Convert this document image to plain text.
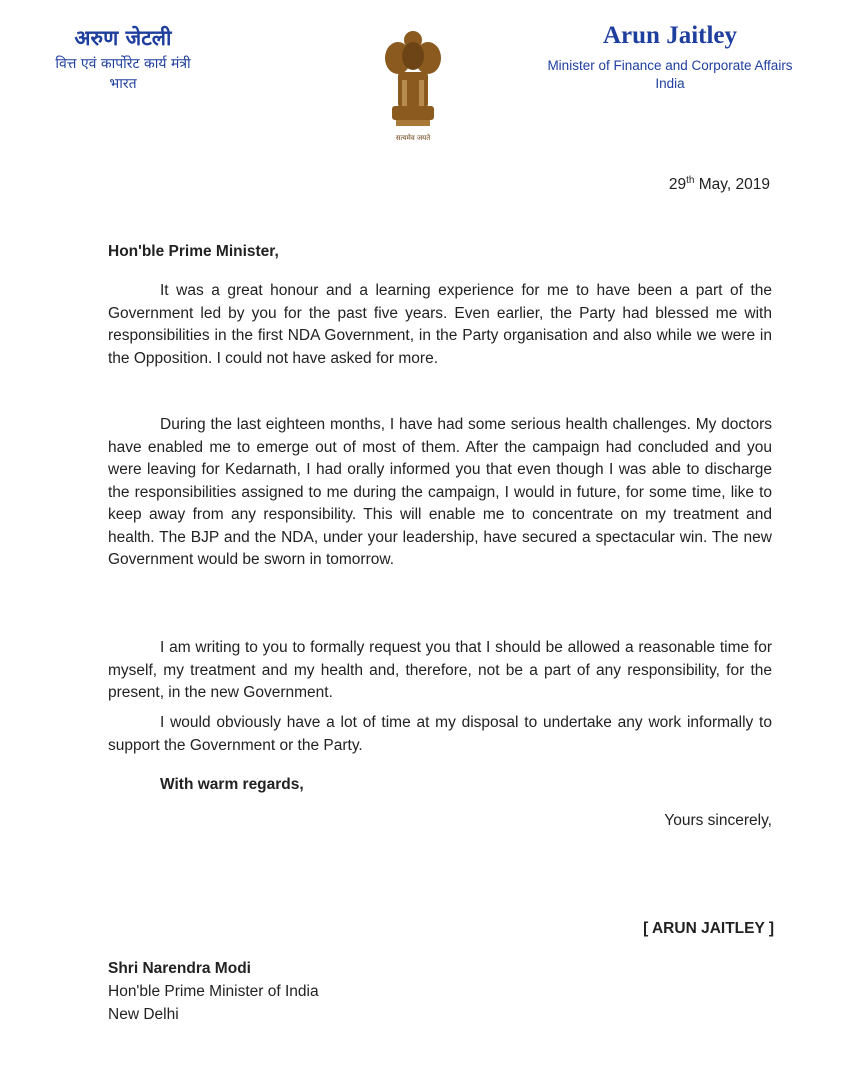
अरुण जेटली
वित्त एवं कार्पोरेट कार्य मंत्री
भारत
सत्यमेव जयते
Arun Jaitley
Minister of Finance and Corporate Affairs
India
29th May, 2019
Hon'ble Prime Minister,

It was a great honour and a learning experience for me to have been a part of the Government led by you for the past five years. Even earlier, the Party had blessed me with responsibilities in the first NDA Government, in the Party organisation and also while we were in the Opposition. I could not have asked for more.

During the last eighteen months, I have had some serious health challenges. My doctors have enabled me to emerge out of most of them. After the campaign had concluded and you were leaving for Kedarnath, I had orally informed you that even though I was able to discharge the responsibilities assigned to me during the campaign, I would in future, for some time, like to keep away from any responsibility. This will enable me to concentrate on my treatment and health. The BJP and the NDA, under your leadership, have secured a spectacular win. The new Government would be sworn in tomorrow.

I am writing to you to formally request you that I should be allowed a reasonable time for myself, my treatment and my health and, therefore, not be a part of any responsibility, for the present, in the new Government.

I would obviously have a lot of time at my disposal to undertake any work informally to support the Government or the Party.

With warm regards,
Yours sincerely,
[ ARUN JAITLEY ]
Shri Narendra Modi
Hon'ble Prime Minister of India
New Delhi
